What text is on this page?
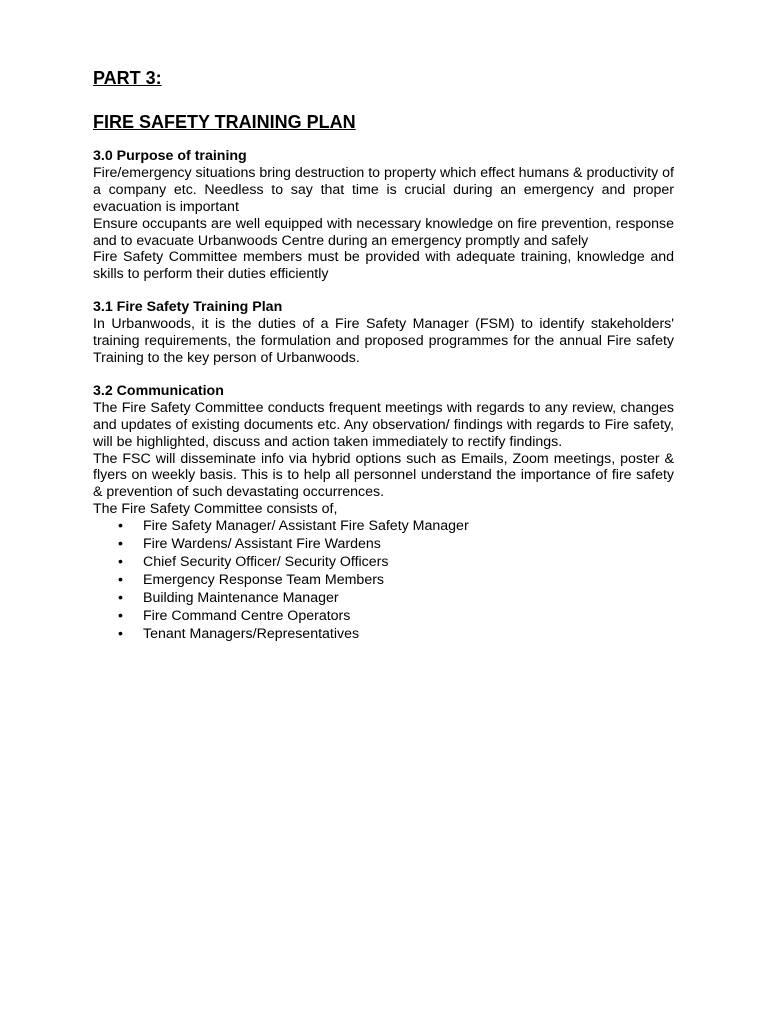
PART 3:
FIRE SAFETY TRAINING PLAN

3.0 Purpose of training

Fire/emergency situations bring destruction to property which effect humans & productivity of a company etc. Needless to say that time is crucial during an emergency and proper evacuation is important

Ensure occupants are well equipped with necessary knowledge on fire prevention, response and to evacuate Urbanwoods Centre during an emergency promptly and safely

Fire Safety Committee members must be provided with adequate training, knowledge and skills to perform their duties efficiently

3.1 Fire Safety Training Plan

In Urbanwoods, it is the duties of a Fire Safety Manager (FSM) to identify stakeholders' training requirements, the formulation and proposed programmes for the annual Fire safety Training to the key person of Urbanwoods.

3.2 Communication

The Fire Safety Committee conducts frequent meetings with regards to any review, changes and updates of existing documents etc. Any observation/ findings with regards to Fire safety, will be highlighted, discuss and action taken immediately to rectify findings.

The FSC will disseminate info via hybrid options such as Emails, Zoom meetings, poster & flyers on weekly basis. This is to help all personnel understand the importance of fire safety & prevention of such devastating occurrences.

The Fire Safety Committee consists of,

• Fire Safety Manager/ Assistant Fire Safety Manager
• Fire Wardens/ Assistant Fire Wardens
• Chief Security Officer/ Security Officers
• Emergency Response Team Members
• Building Maintenance Manager
• Fire Command Centre Operators
• Tenant Managers/Representatives
